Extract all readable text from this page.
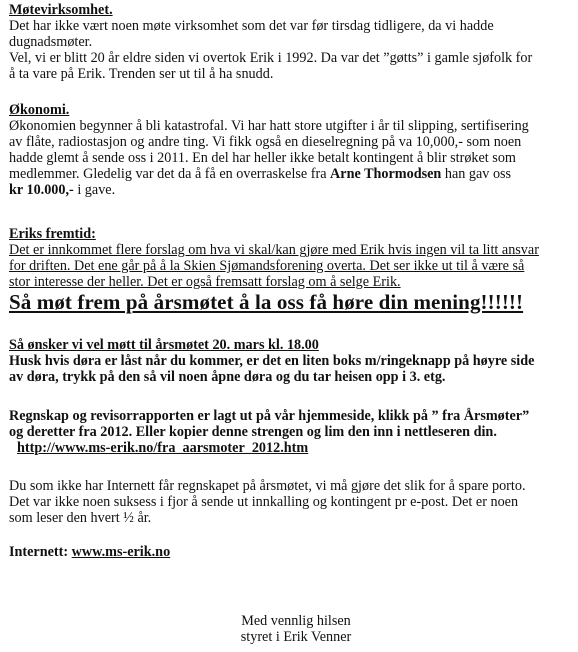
Møtevirksomhet.
Det har ikke vært noen møte virksomhet som det var før tirsdag tidligere, da vi hadde
dugnadsmøter.
Vel, vi er blitt 20 år eldre siden vi overtok Erik i 1992. Da var det ”gøtts” i gamle sjøfolk for
å ta vare på Erik. Trenden ser ut til å ha snudd.
Økonomi.
Økonomien begynner å bli katastrofal. Vi har hatt store utgifter i år til slipping, sertifisering
av flåte, radiostasjon og andre ting. Vi fikk også en dieselregning på va 10,000,- som noen
hadde glemt å sende oss i 2011. En del har heller ikke betalt kontingent å blir strøket som
medlemmer. Gledelig var det da å få en overraskelse fra Arne Thormodsen han gav oss
kr 10.000,- i gave.
Eriks fremtid:
Det er innkommet flere forslag om hva vi skal/kan gjøre med Erik hvis ingen vil ta litt ansvar
for driften. Det ene går på å la Skien Sjømandsforening overta. Det ser ikke ut til å være så
stor interesse der heller. Det er også fremsatt forslag om å selge Erik.
Så møt frem på årsmøtet å la oss få høre din mening!!!!!!
Så ønsker vi vel møtt til årsmøtet 20. mars kl. 18.00
Husk hvis døra er låst når du kommer, er det en liten boks m/ringeknapp på høyre side
av døra, trykk på den så vil noen åpne døra og du tar heisen opp i 3. etg.
Regnskap og revisorrapporten er lagt ut på vår hjemmeside, klikk på ” fra Årsmøter”
og deretter fra 2012. Eller kopier denne strengen og lim den inn i nettleseren din.
http://www.ms-erik.no/fra_aarsmoter_2012.htm
Du som ikke har Internett får regnskapet på årsmøtet, vi må gjøre det slik for å spare porto.
Det var ikke noen suksess i fjor å sende ut innkalling og kontingent pr e-post. Det er noen
som leser den hvert ½ år.
Internett: www.ms-erik.no
Med vennlig hilsen
styret i Erik Venner
